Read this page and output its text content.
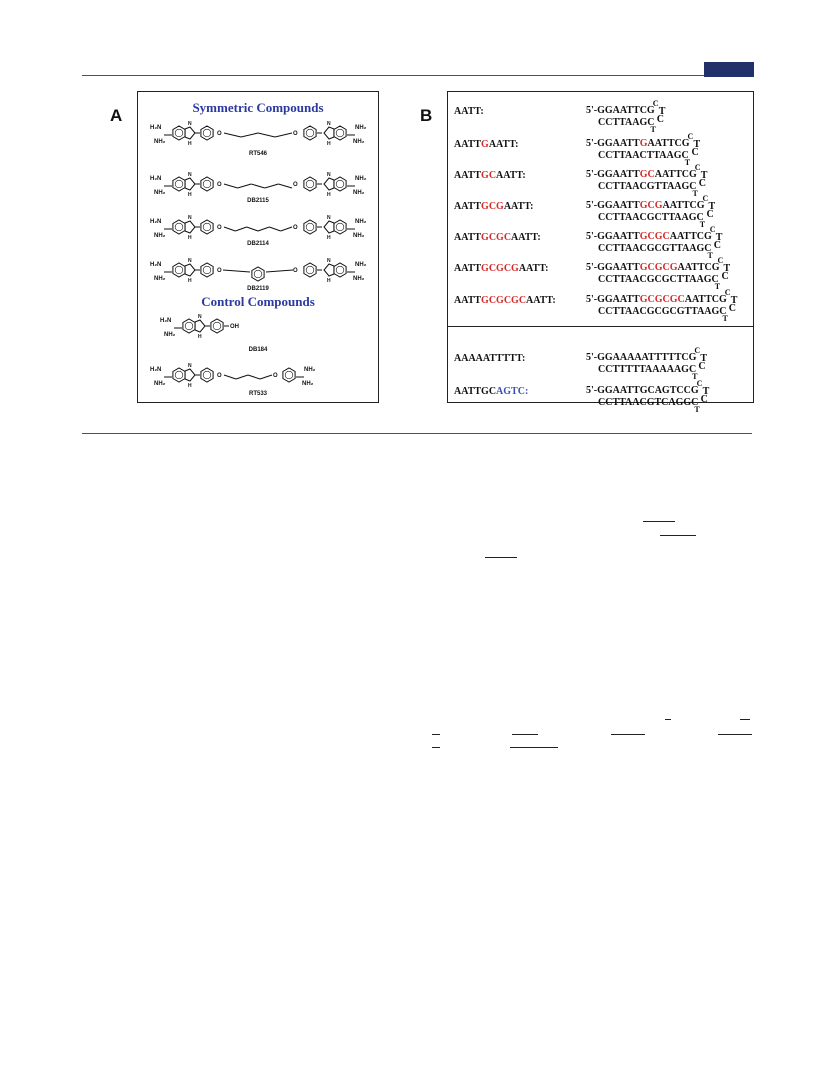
A	B
Symmetric Compounds
H₂N
NH₂
N
H
O	O
N
H
NH₂
NH₂
RT546
H₂N
NH₂
N
H
O	O
N
H
NH₂
NH₂
DB2115
H₂N
NH₂
N
H
O	O
N
H
NH₂
NH₂
DB2114
H₂N
NH₂
N
H
O	O
N
H
NH₂
NH₂
DB2119
Control Compounds
H₂N
NH₂
N
H
OH
DB184
H₂N
NH₂
N
H
O	O
NH₂
NH₂
RT533
AATT:	5'-GGAATTCG
CCTTAAGC
C
T
C
T
AATTGAATT:	5'-GGAATTGAATTCG
CCTTAACTTAAGC
C
T
C
T
AATTGCAATT:	5'-GGAATTGCAATTCG
CCTTAACGTTAAGC
C
T
C
T
AATTGCGAATT:	5'-GGAATTGCGAATTCG
CCTTAACGCTTAAGC
C
T
C
T
AATTGCGCAATT:	5'-GGAATTGCGCAATTCG
CCTTAACGCGTTAAGC
C
T
C
T
AATTGCGCGAATT:	5'-GGAATTGCGCGAATTCG
CCTTAACGCGCTTAAGC
C
T
C
T
AATTGCGCGCAATT:	5'-GGAATTGCGCGCAATTCG
CCTTAACGCGCGTTAAGC
C
T
C
T
AAAAATTTTT:	5'-GGAAAAATTTTTCG
CCTTTTTAAAAAGC
C
T
C
T
AATTGCAGTC:	5'-GGAATTGCAGTCCG
CCTTAACGTCAGGC
C
T
C
T
